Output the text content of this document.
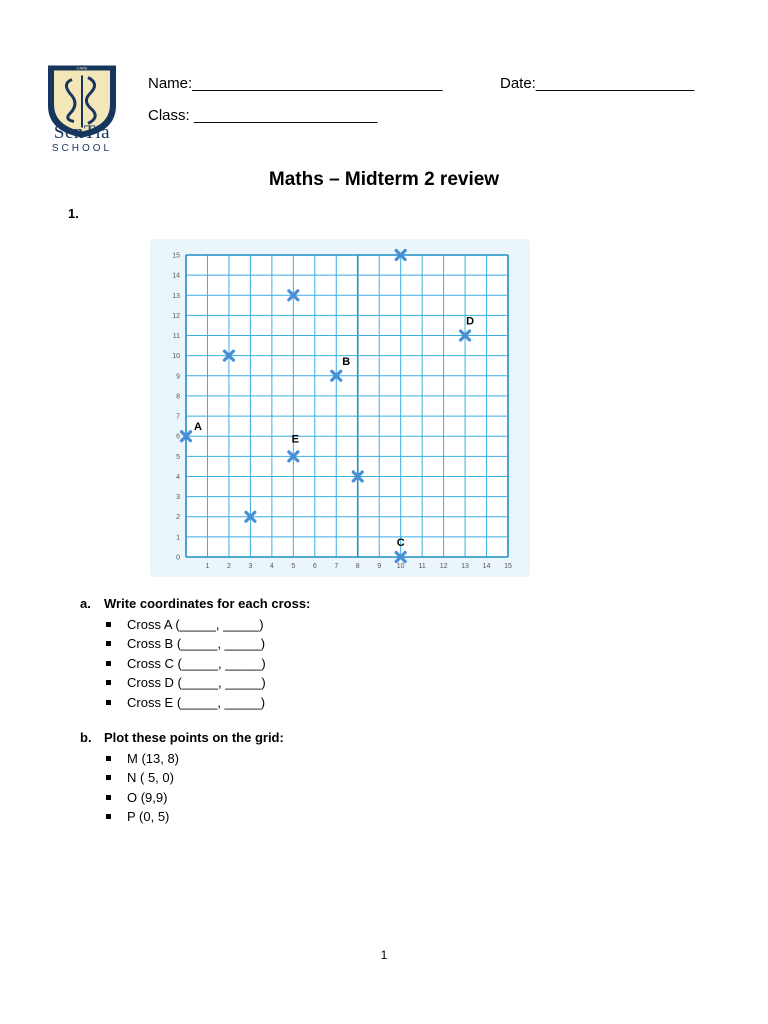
CARE
SenTia
SCHOOL
Name:______________________________	Date:___________________
Class: ______________________
Maths – Midterm 2 review
1.
1	2	3	4	5	6	7	8	9 10 11 12 13 14 15
0
1
2
3
4
5
6
7
8
9
10
11
12
13
14
15
A
B
C
D
E
a. Write coordinates for each cross:
Cross A (_____, _____)
Cross B (_____, _____)
Cross C (_____, _____)
Cross D (_____, _____)
Cross E (_____, _____)
b. Plot these points on the grid:
M (13, 8)
N ( 5, 0)
O (9,9)
P (0, 5)
1
